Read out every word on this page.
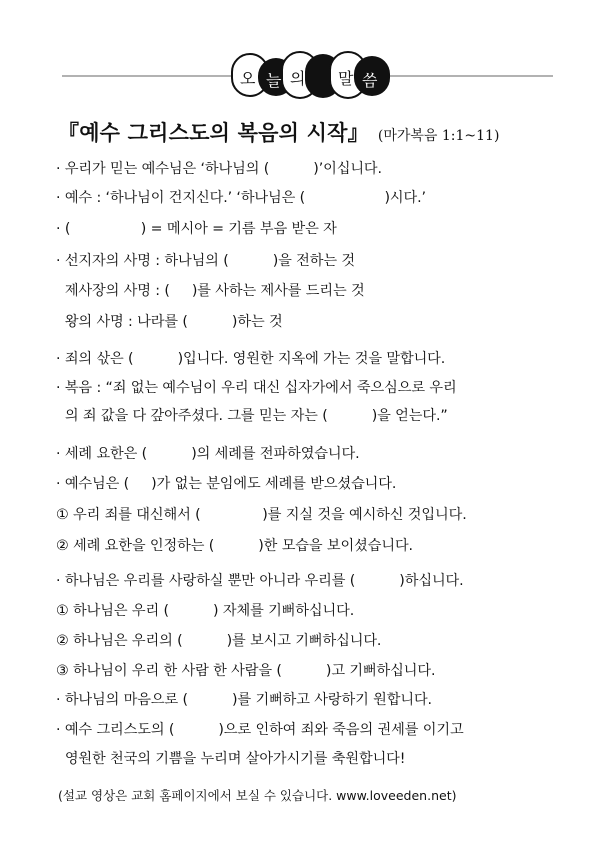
오 늘 의 말 씀
『예수 그리스도의 복음의 시작』 (마가복음 1:1~11)
· 우리가 믿는 예수님은 ‘하나님의 (          )’이십니다.
· 예수 : ‘하나님이 건지신다.’ ‘하나님은 (                  )시다.’
· (                ) = 메시아 = 기름 부음 받은 자
· 선지자의 사명 : 하나님의 (          )을 전하는 것
제사장의 사명 : (     )를 사하는 제사를 드리는 것
왕의 사명 : 나라를 (          )하는 것
· 죄의 삯은 (          )입니다. 영원한 지옥에 가는 것을 말합니다.
· 복음 : “죄 없는 예수님이 우리 대신 십자가에서 죽으심으로 우리
의 죄 값을 다 갚아주셨다. 그를 믿는 자는 (          )을 얻는다.”
· 세례 요한은 (          )의 세례를 전파하였습니다.
· 예수님은 (     )가 없는 분임에도 세례를 받으셨습니다.
① 우리 죄를 대신해서 (              )를 지실 것을 예시하신 것입니다.
② 세례 요한을 인정하는 (          )한 모습을 보이셨습니다.
· 하나님은 우리를 사랑하실 뿐만 아니라 우리를 (          )하십니다.
① 하나님은 우리 (          ) 자체를 기뻐하십니다.
② 하나님은 우리의 (          )를 보시고 기뻐하십니다.
③ 하나님이 우리 한 사람 한 사람을 (          )고 기뻐하십니다.
· 하나님의 마음으로 (          )를 기뻐하고 사랑하기 원합니다.
· 예수 그리스도의 (          )으로 인하여 죄와 죽음의 권세를 이기고
영원한 천국의 기쁨을 누리며 살아가시기를 축원합니다!
(설교 영상은 교회 홈페이지에서 보실 수 있습니다. www.loveeden.net)
